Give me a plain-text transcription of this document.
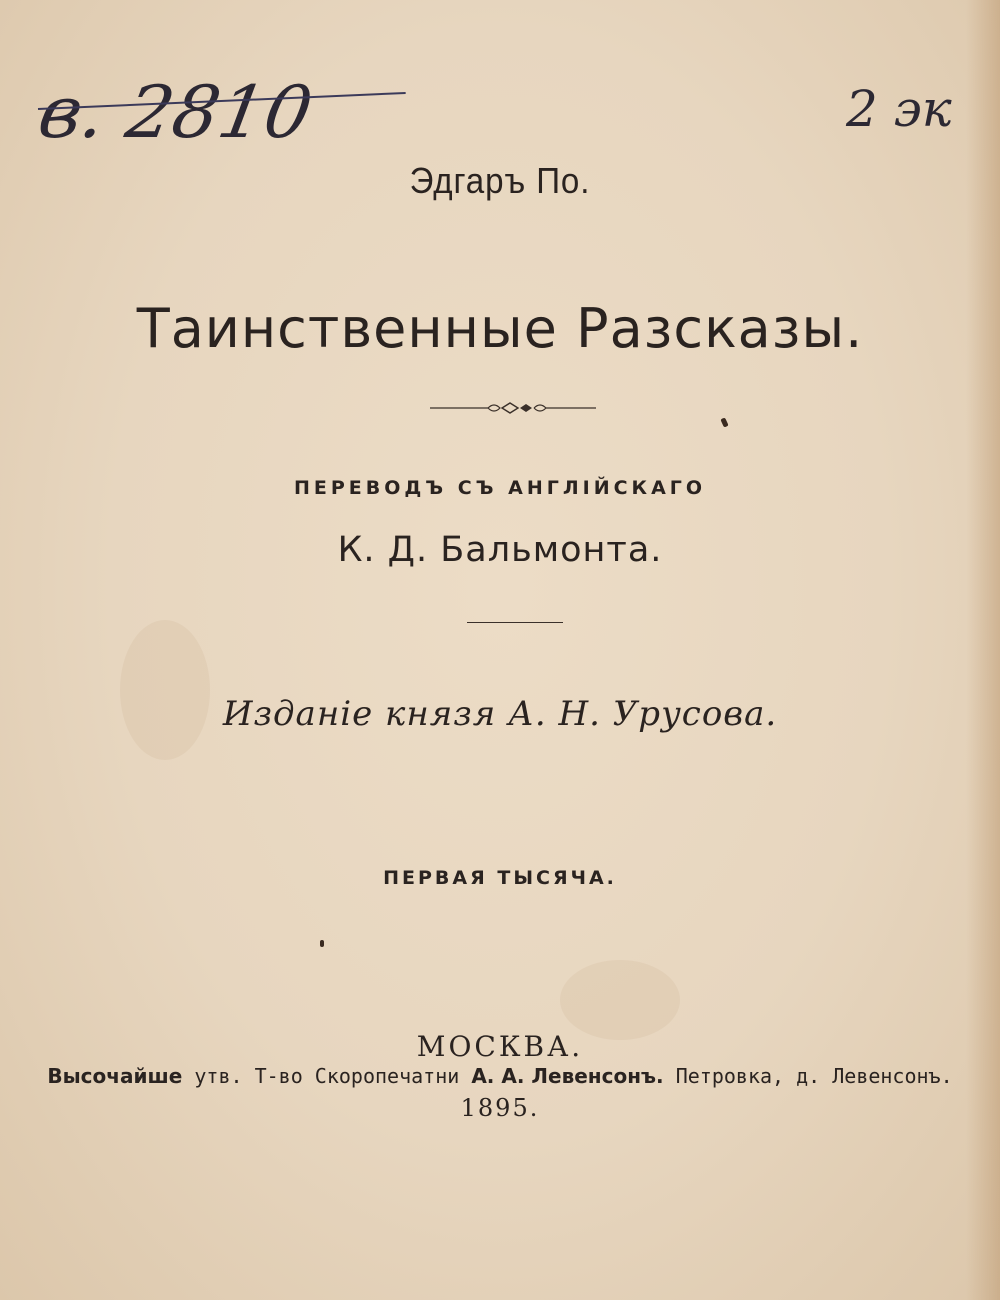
в. 2810	2 эк
Эдгаръ По.
Таинственные Разсказы.
ПЕРЕВОДЪ СЪ АНГЛІЙСКАГО
К. Д. Бальмонта.
Изданіе князя А. Н. Урусова.
ПЕРВАЯ ТЫСЯЧА.
МОСКВА.
Высочайше утв. Т-во Скоропечатни А. А. Левенсонъ. Петровка, д. Левенсонъ.
1895.
